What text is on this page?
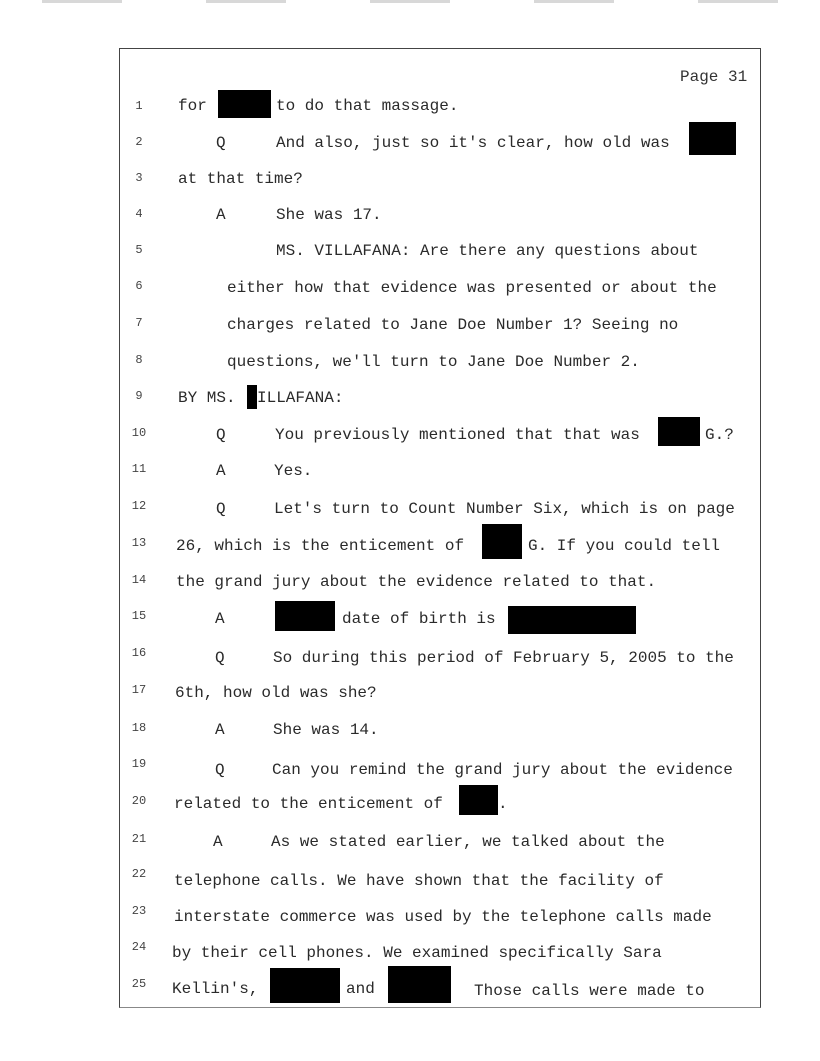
Page 31
1	for	to do that massage.
2	Q	And also, just so it's clear, how old was
3	at that time?
4	A	She was 17.
5	MS. VILLAFANA: Are there any questions about
6	either how that evidence was presented or about the
7	charges related to Jane Doe Number 1? Seeing no
8	questions, we'll turn to Jane Doe Number 2.
9	BY MS. ILLAFANA:
10	Q	You previously mentioned that that was	G.?
11	A	Yes.
12	Q	Let's turn to Count Number Six, which is on page
13 26, which is the enticement of	G. If you could tell
14 the grand jury about the evidence related to that.
15	A	date of birth is
16	Q	So during this period of February 5, 2005 to the
17 6th, how old was she?
18	A	She was 14.
19	Q	Can you remind the grand jury about the evidence
20 related to the enticement of	.
21	A	As we stated earlier, we talked about the
22 telephone calls. We have shown that the facility of
23 interstate commerce was used by the telephone calls made
24 by their cell phones. We examined specifically Sara
25 Kellin's,	and	Those calls were made to
